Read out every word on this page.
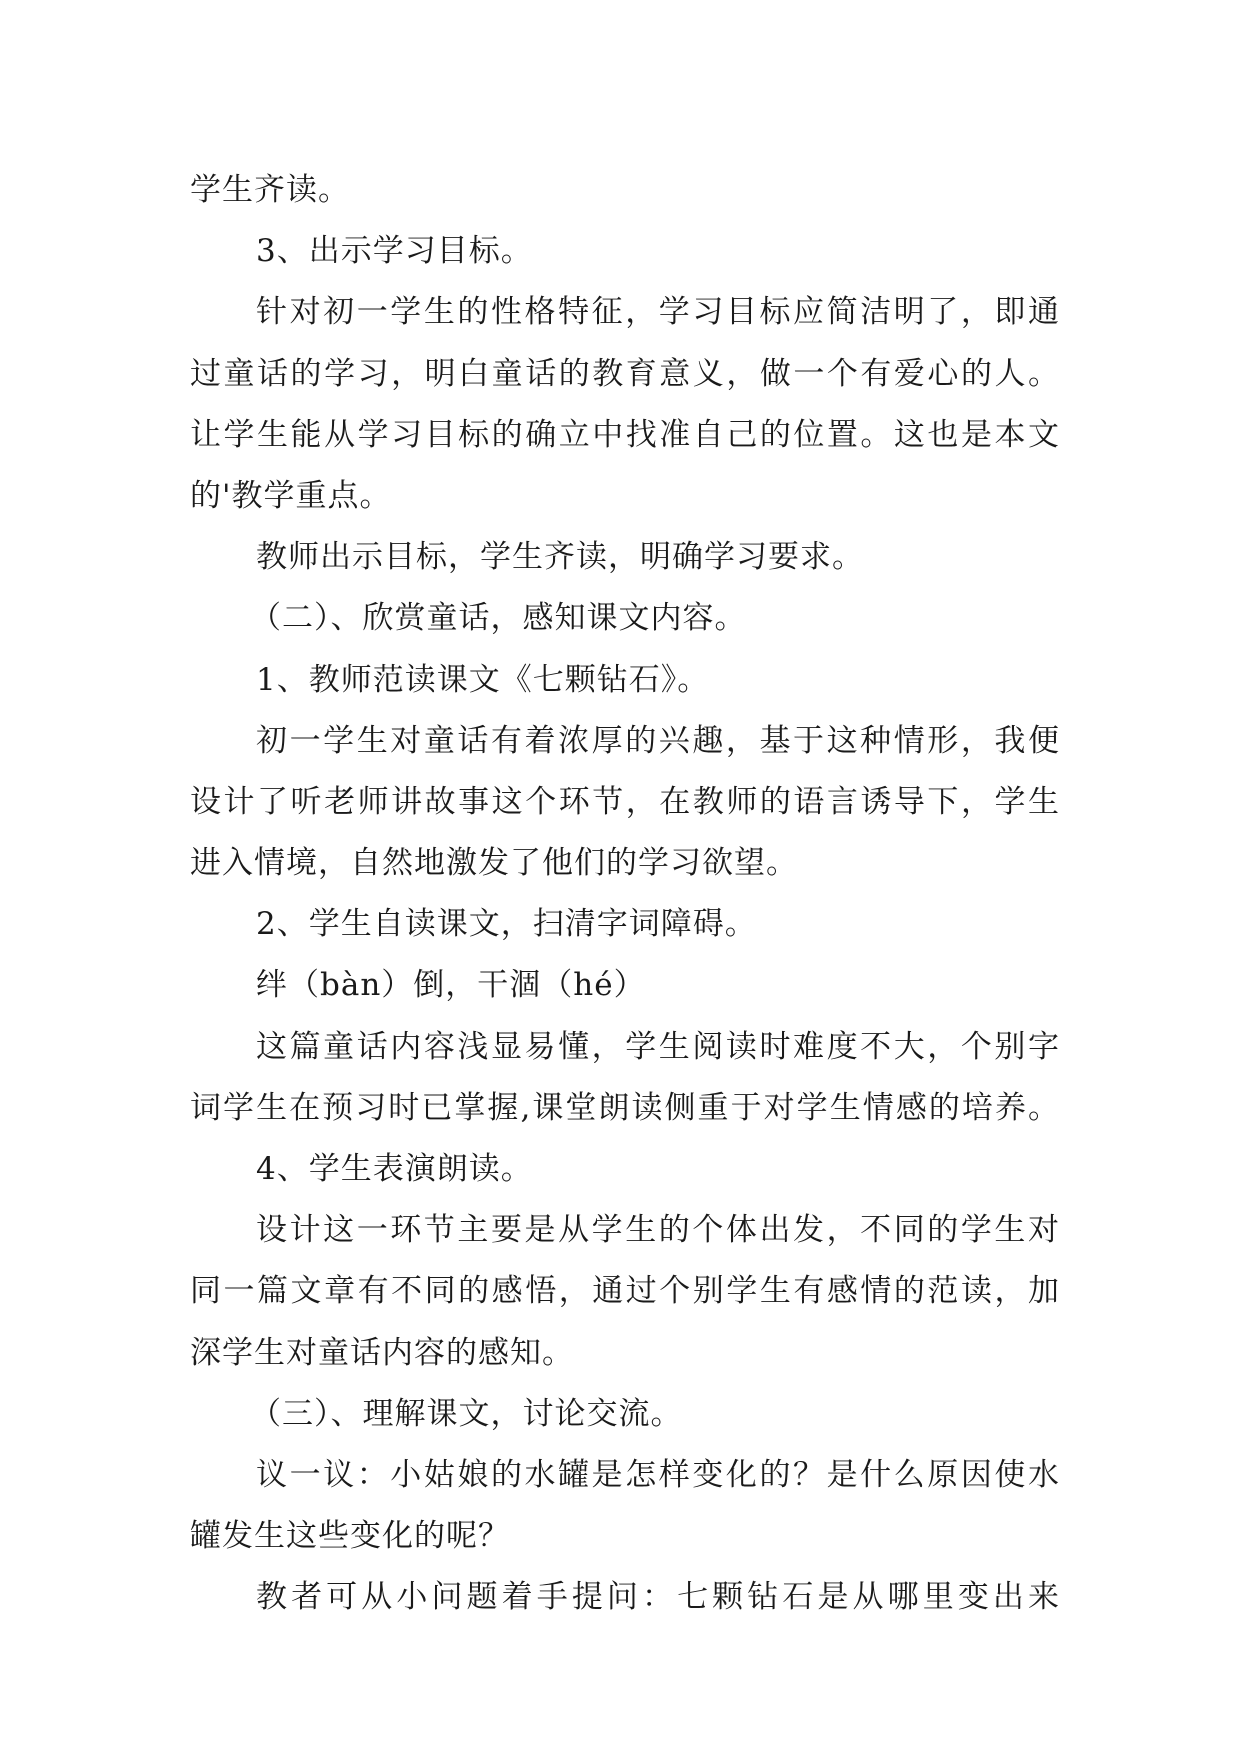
学生齐读。
3、出示学习目标。
针对初一学生的性格特征，学习目标应简洁明了，即通
过童话的学习，明白童话的教育意义，做一个有爱心的人。
让学生能从学习目标的确立中找准自己的位置。这也是本文
的'教学重点。
教师出示目标，学生齐读，明确学习要求。
（二）、欣赏童话，感知课文内容。
1、教师范读课文《七颗钻石》。
初一学生对童话有着浓厚的兴趣，基于这种情形，我便
设计了听老师讲故事这个环节，在教师的语言诱导下，学生
进入情境，自然地激发了他们的学习欲望。
2、学生自读课文，扫清字词障碍。
绊（bàn）倒，干涸（hé）
这篇童话内容浅显易懂，学生阅读时难度不大，个别字
词学生在预习时已掌握,课堂朗读侧重于对学生情感的培养。
4、学生表演朗读。
设计这一环节主要是从学生的个体出发，不同的学生对
同一篇文章有不同的感悟，通过个别学生有感情的范读，加
深学生对童话内容的感知。
（三）、理解课文，讨论交流。
议一议：小姑娘的水罐是怎样变化的？是什么原因使水
罐发生这些变化的呢？
教者可从小问题着手提问：七颗钻石是从哪里变出来
